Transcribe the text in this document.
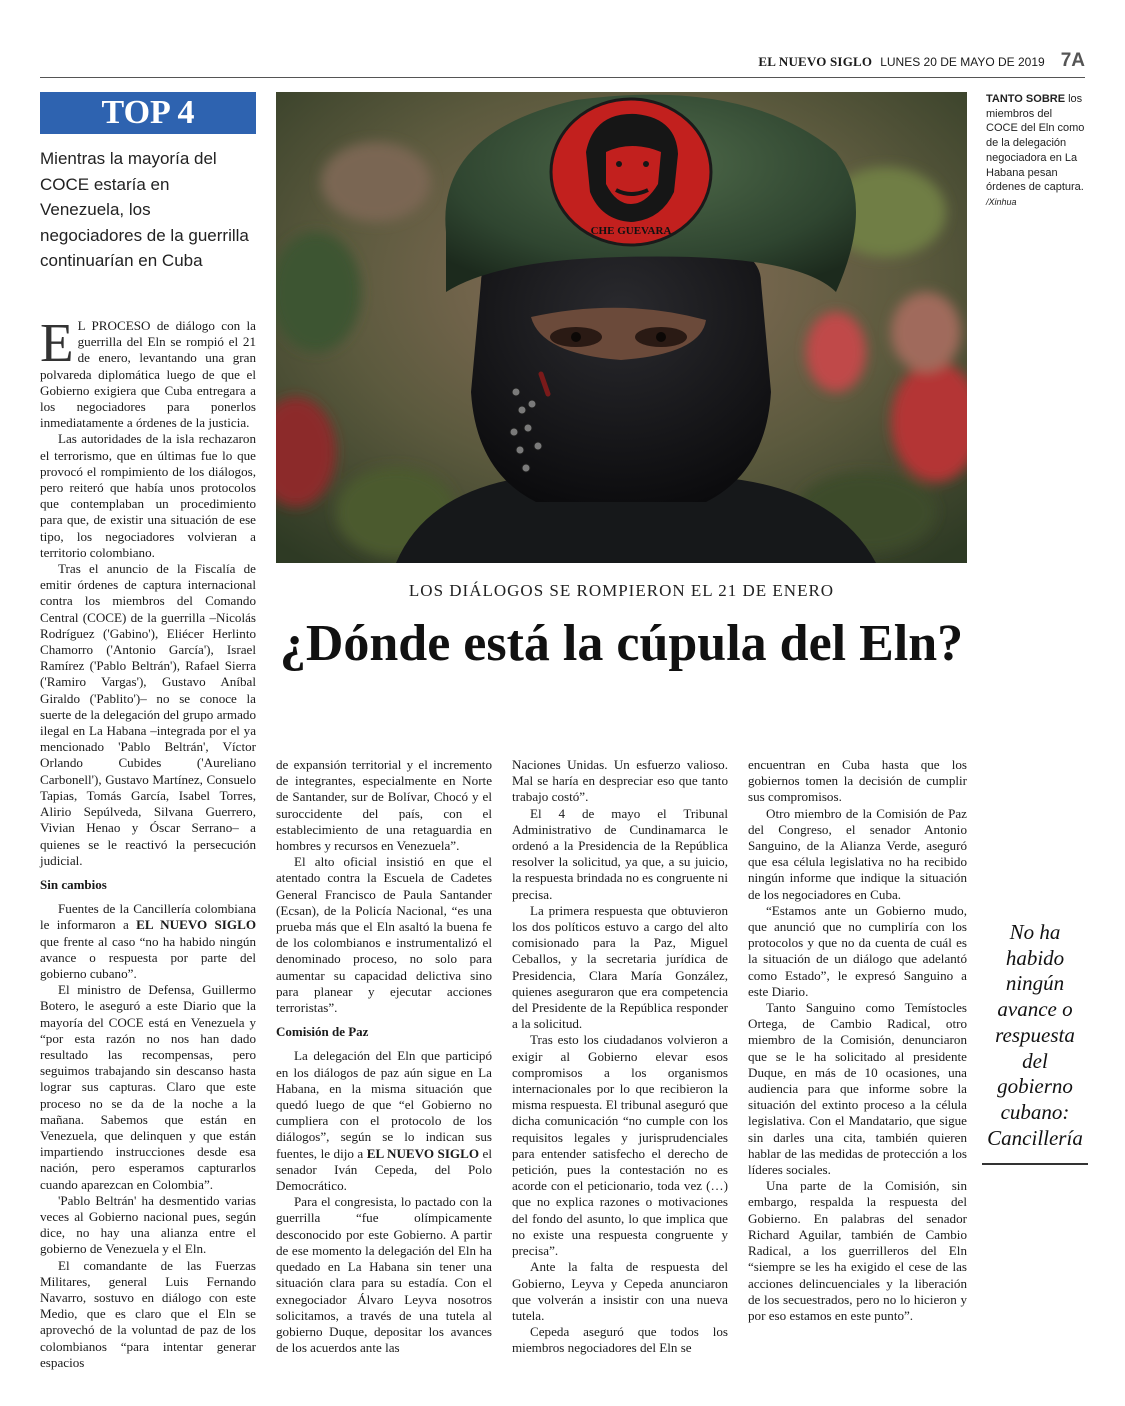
EL NUEVO SIGLO LUNES 20 DE MAYO DE 2019 7A
TOP 4
Mientras la mayoría del COCE estaría en Venezuela, los negociadores de la guerrilla continuarían en Cuba
CHE GUEVARA
TANTO SOBRE los miembros del COCE del Eln como de la delegación negociadora en La Habana pesan órdenes de captura. /Xinhua
LOS DIÁLOGOS SE ROMPIERON EL 21 DE ENERO
¿Dónde está la cúpula del Eln?

E L PROCESO de diálogo con la guerrilla del Eln se rompió el 21 de enero, levantando una gran polvareda diplomática luego de que el Gobierno exigiera que Cuba entregara a los negociadores para ponerlos inmediatamente a órdenes de la justicia.

Las autoridades de la isla rechazaron el terrorismo, que en últimas fue lo que provocó el rompimiento de los diálogos, pero reiteró que había unos protocolos que contemplaban un procedimiento para que, de existir una situación de ese tipo, los negociadores volvieran a territorio colombiano.

Tras el anuncio de la Fiscalía de emitir órdenes de captura internacional contra los miembros del Comando Central (COCE) de la guerrilla –Nicolás Rodríguez ('Gabino'), Eliécer Herlinto Chamorro ('Antonio García'), Israel Ramírez ('Pablo Beltrán'), Rafael Sierra ('Ramiro Vargas'), Gustavo Aníbal Giraldo ('Pablito')– no se conoce la suerte de la delegación del grupo armado ilegal en La Habana –integrada por el ya mencionado 'Pablo Beltrán', Víctor Orlando Cubides ('Aureliano Carbonell'), Gustavo Martínez, Consuelo Tapias, Tomás García, Isabel Torres, Alirio Sepúlveda, Silvana Guerrero, Vivian Henao y Óscar Serrano– a quienes se le reactivó la persecución judicial.

Sin cambios

Fuentes de la Cancillería colombiana le informaron a EL NUEVO SIGLO que frente al caso “no ha habido ningún avance o respuesta por parte del gobierno cubano”.

El ministro de Defensa, Guillermo Botero, le aseguró a este Diario que la mayoría del COCE está en Venezuela y “por esta razón no nos han dado resultado las recompensas, pero seguimos trabajando sin descanso hasta lograr sus capturas. Claro que este proceso no se da de la noche a la mañana. Sabemos que están en Venezuela, que delinquen y que están impartiendo instrucciones desde esa nación, pero esperamos capturarlos cuando aparezcan en Colombia”.

'Pablo Beltrán' ha desmentido varias veces al Gobierno nacional pues, según dice, no hay una alianza entre el gobierno de Venezuela y el Eln.

El comandante de las Fuerzas Militares, general Luis Fernando Navarro, sostuvo en diálogo con este Medio, que es claro que el Eln se aprovechó de la voluntad de paz de los colombianos “para intentar generar espacios

de expansión territorial y el incremento de integrantes, especialmente en Norte de Santander, sur de Bolívar, Chocó y el suroccidente del país, con el establecimiento de una retaguardia en hombres y recursos en Venezuela”.

El alto oficial insistió en que el atentado contra la Escuela de Cadetes General Francisco de Paula Santander (Ecsan), de la Policía Nacional, “es una prueba más que el Eln asaltó la buena fe de los colombianos e instrumentalizó el denominado proceso, no solo para aumentar su capacidad delictiva sino para planear y ejecutar acciones terroristas”.

Comisión de Paz

La delegación del Eln que participó en los diálogos de paz aún sigue en La Habana, en la misma situación que quedó luego de que “el Gobierno no cumpliera con el protocolo de los diálogos”, según se lo indican sus fuentes, le dijo a EL NUEVO SIGLO el senador Iván Cepeda, del Polo Democrático.

Para el congresista, lo pactado con la guerrilla “fue olímpicamente desconocido por este Gobierno. A partir de ese momento la delegación del Eln ha quedado en La Habana sin tener una situación clara para su estadía. Con el exnegociador Álvaro Leyva nosotros solicitamos, a través de una tutela al gobierno Duque, depositar los avances de los acuerdos ante las

Naciones Unidas. Un esfuerzo valioso. Mal se haría en despreciar eso que tanto trabajo costó”.

El 4 de mayo el Tribunal Administrativo de Cundinamarca le ordenó a la Presidencia de la República resolver la solicitud, ya que, a su juicio, la respuesta brindada no es congruente ni precisa.

La primera respuesta que obtuvieron los dos políticos estuvo a cargo del alto comisionado para la Paz, Miguel Ceballos, y la secretaria jurídica de Presidencia, Clara María González, quienes aseguraron que era competencia del Presidente de la República responder a la solicitud.

Tras esto los ciudadanos volvieron a exigir al Gobierno elevar esos compromisos a los organismos internacionales por lo que recibieron la misma respuesta. El tribunal aseguró que dicha comunicación “no cumple con los requisitos legales y jurisprudenciales para entender satisfecho el derecho de petición, pues la contestación no es acorde con el peticionario, toda vez (…) que no explica razones o motivaciones del fondo del asunto, lo que implica que no existe una respuesta congruente y precisa”.

Ante la falta de respuesta del Gobierno, Leyva y Cepeda anunciaron que volverán a insistir con una nueva tutela.

Cepeda aseguró que todos los miembros negociadores del Eln se

encuentran en Cuba hasta que los gobiernos tomen la decisión de cumplir sus compromisos.

Otro miembro de la Comisión de Paz del Congreso, el senador Antonio Sanguino, de la Alianza Verde, aseguró que esa célula legislativa no ha recibido ningún informe que indique la situación de los negociadores en Cuba.

“Estamos ante un Gobierno mudo, que anunció que no cumpliría con los protocolos y que no da cuenta de cuál es la situación de un diálogo que adelantó como Estado”, le expresó Sanguino a este Diario.

Tanto Sanguino como Temístocles Ortega, de Cambio Radical, otro miembro de la Comisión, denunciaron que se le ha solicitado al presidente Duque, en más de 10 ocasiones, una audiencia para que informe sobre la situación del extinto proceso a la célula legislativa. Con el Mandatario, que sigue sin darles una cita, también quieren hablar de las medidas de protección a los líderes sociales.

Una parte de la Comisión, sin embargo, respalda la respuesta del Gobierno. En palabras del senador Richard Aguilar, también de Cambio Radical, a los guerrilleros del Eln “siempre se les ha exigido el cese de las acciones delincuenciales y la liberación de los secuestrados, pero no lo hicieron y por eso estamos en este punto”.

No ha habido ningún avance o respuesta del gobierno cubano: Cancillería
